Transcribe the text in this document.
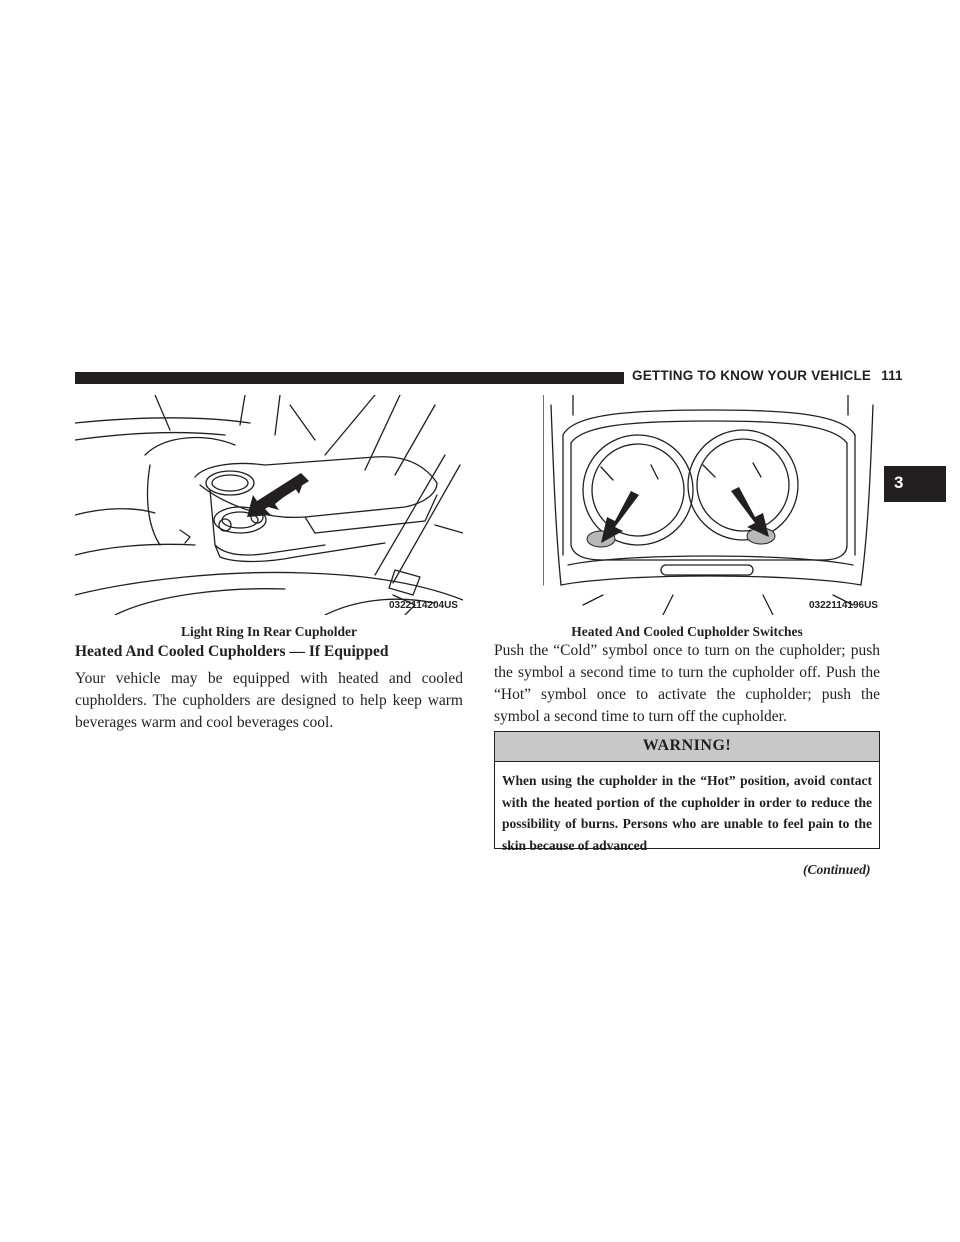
GETTING TO KNOW YOUR VEHICLE 111
3
0322114204US	0322114196US
Light Ring In Rear Cupholder	Heated And Cooled Cupholder Switches
Heated And Cooled Cupholders — If Equipped
Your vehicle may be equipped with heated and cooled cupholders. The cupholders are designed to help keep warm beverages warm and cool beverages cool.
Push the “Cold” symbol once to turn on the cupholder; push the symbol a second time to turn the cupholder off. Push the “Hot” symbol once to activate the cupholder; push the symbol a second time to turn off the cupholder.
WARNING!
When using the cupholder in the “Hot” position, avoid contact with the heated portion of the cupholder in order to reduce the possibility of burns. Persons who are unable to feel pain to the skin because of advanced
(Continued)
